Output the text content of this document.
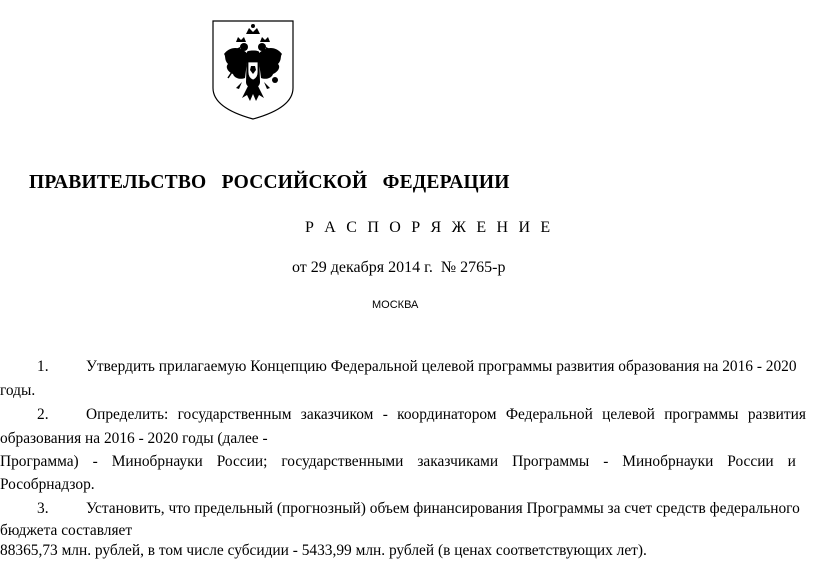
ПРАВИТЕЛЬСТВО   РОССИЙСКОЙ   ФЕДЕРАЦИИ
Р А С П О Р Я Ж Е Н И Е
от 29 декабря 2014 г.  № 2765-р
МОСКВА
1. Утвердить прилагаемую Концепцию Федеральной целевой программы развития образования на 2016 - 2020
годы.
2.	Определить: государственным заказчиком - координатором Федеральной целевой программы развития
образования на 2016 - 2020 годы (далее -
Программа) - Минобрнауки России; государственными заказчиками Программы - Минобрнауки России и
Рособрнадзор.
3. Установить, что предельный (прогнозный) объем финансирования Программы за счет средств федерального
бюджета составляет
88365,73 млн. рублей, в том числе субсидии - 5433,99 млн. рублей (в ценах соответствующих лет).
